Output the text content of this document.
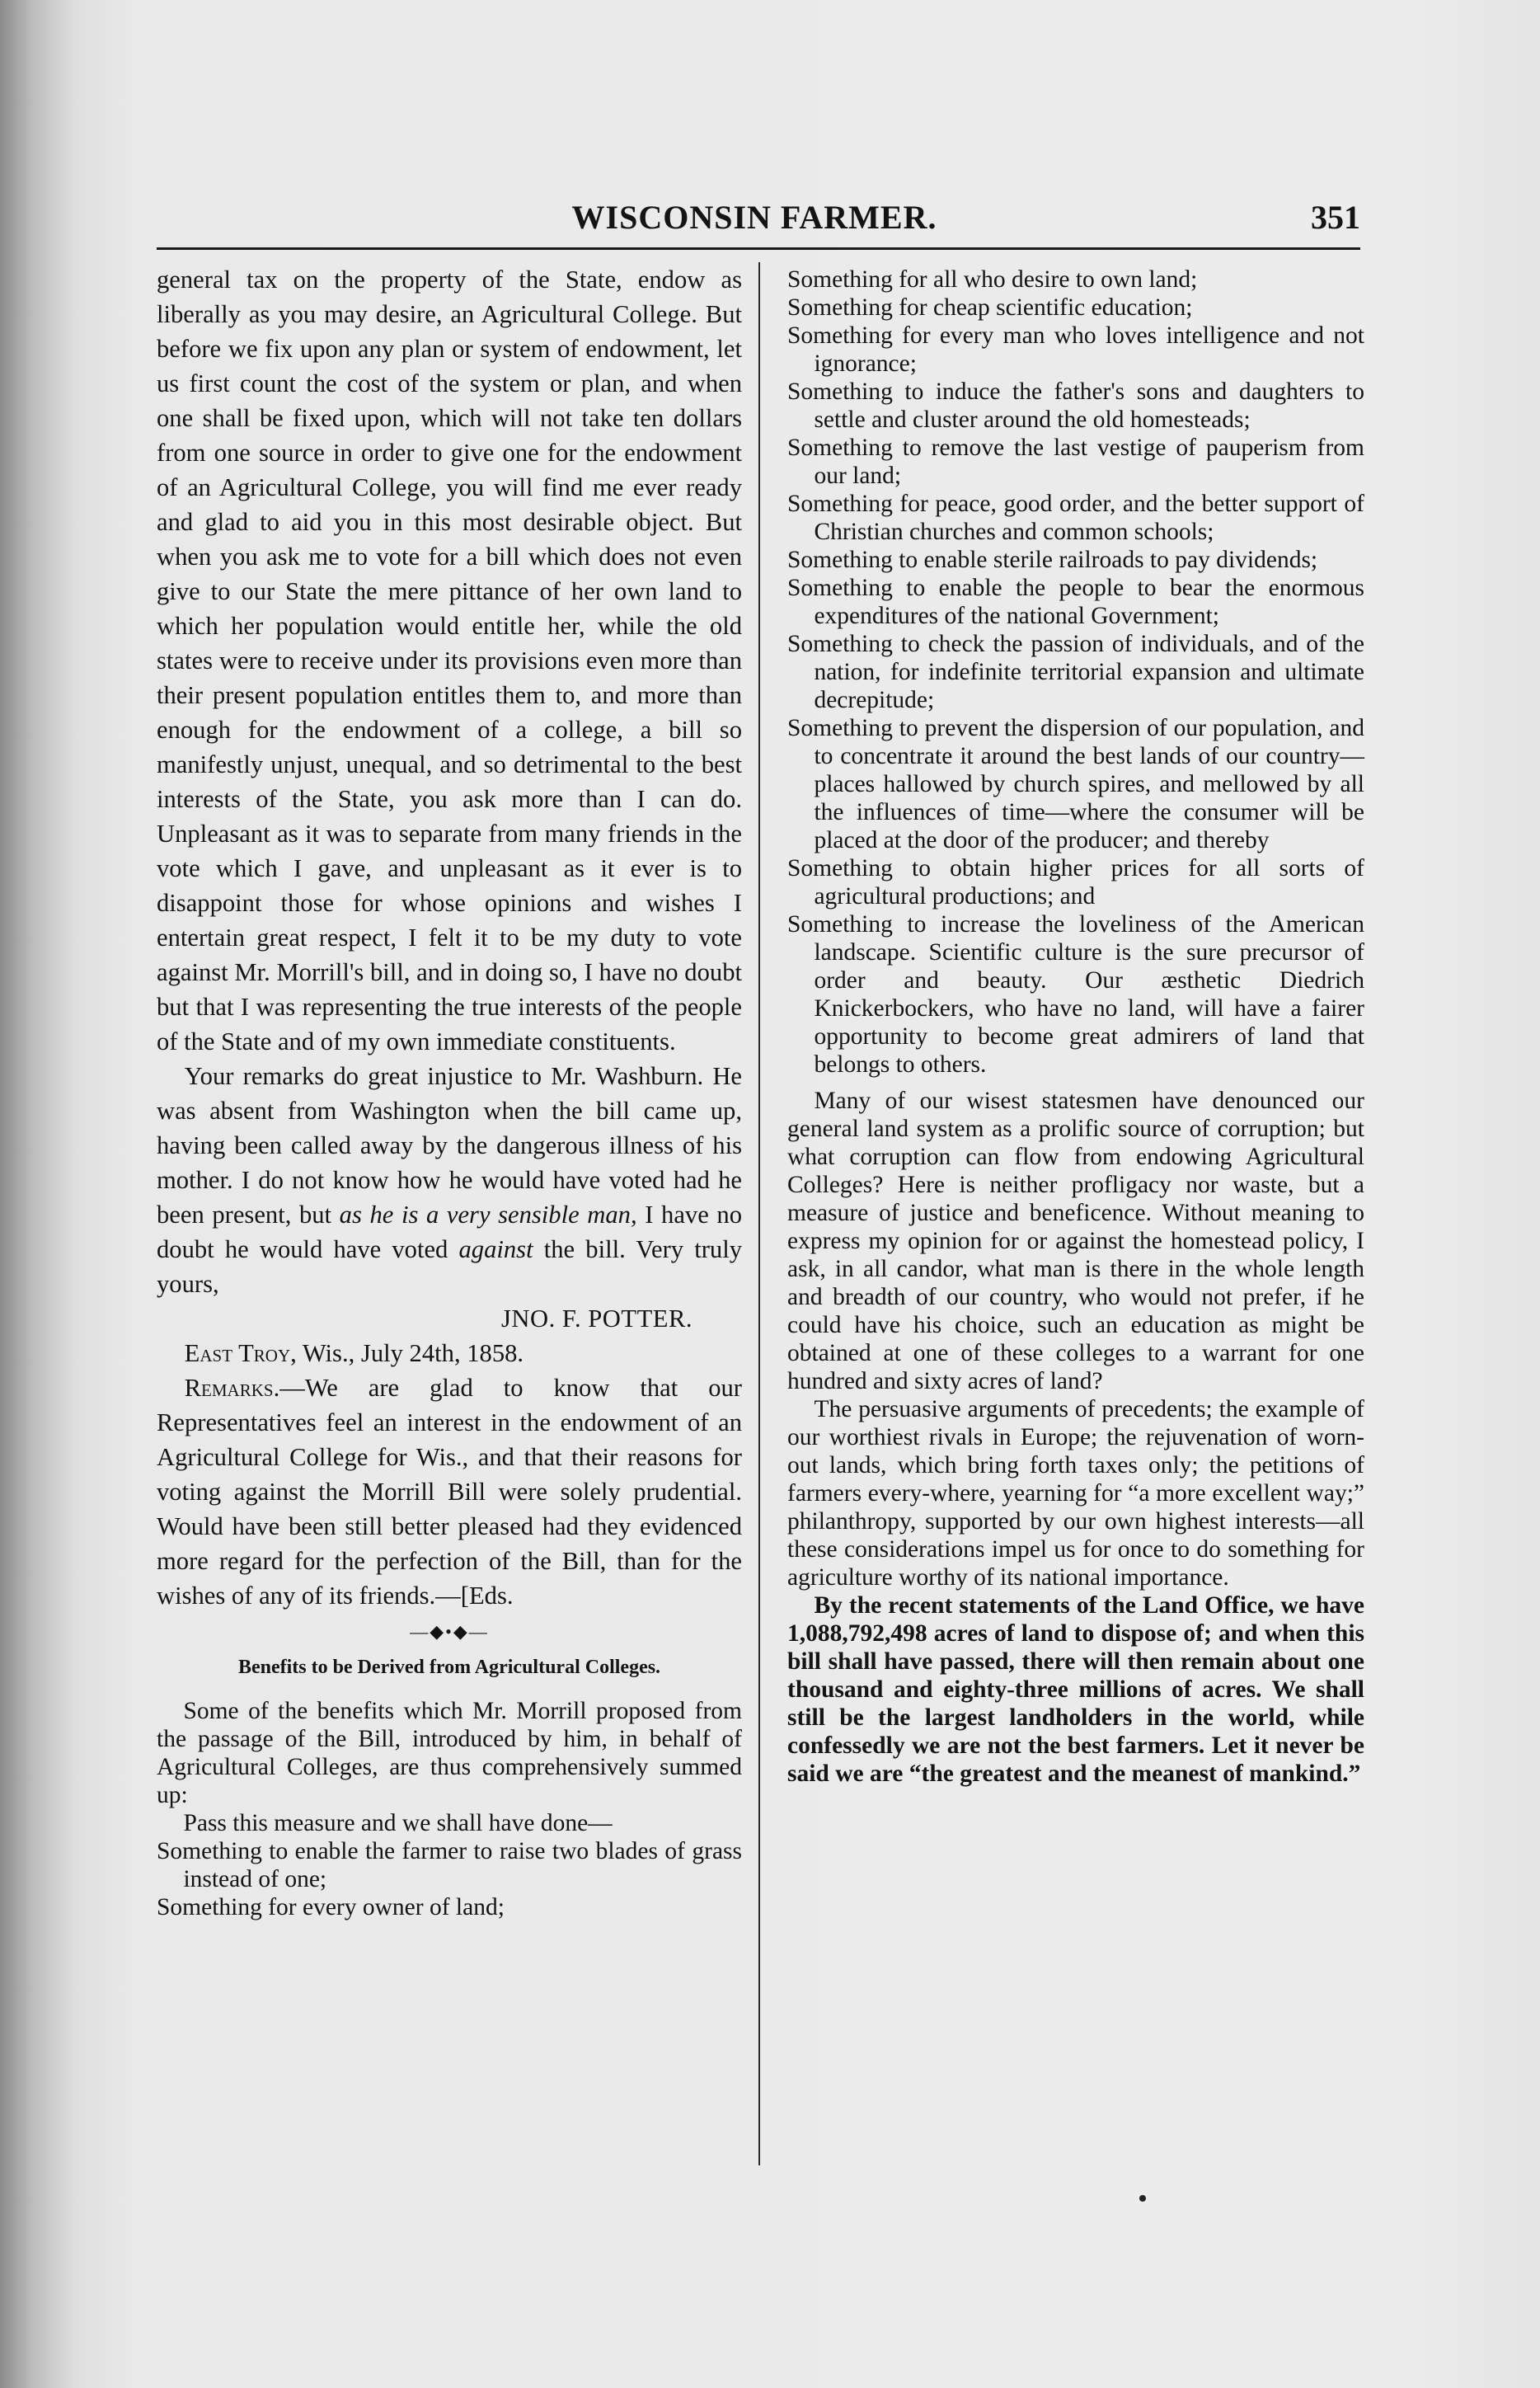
WISCONSIN FARMER.	351

general tax on the property of the State, endow as liberally as you may desire, an Agricultural College. But before we fix upon any plan or system of endowment, let us first count the cost of the system or plan, and when one shall be fixed upon, which will not take ten dollars from one source in order to give one for the endowment of an Agricultural College, you will find me ever ready and glad to aid you in this most desirable object. But when you ask me to vote for a bill which does not even give to our State the mere pittance of her own land to which her population would entitle her, while the old states were to receive under its provisions even more than their present population entitles them to, and more than enough for the endowment of a college, a bill so manifestly unjust, unequal, and so detrimental to the best interests of the State, you ask more than I can do. Unpleasant as it was to separate from many friends in the vote which I gave, and unpleasant as it ever is to disappoint those for whose opinions and wishes I entertain great respect, I felt it to be my duty to vote against Mr. Morrill's bill, and in doing so, I have no doubt but that I was representing the true interests of the people of the State and of my own immediate constituents.

Your remarks do great injustice to Mr. Washburn. He was absent from Washington when the bill came up, having been called away by the dangerous illness of his mother. I do not know how he would have voted had he been present, but as he is a very sensible man, I have no doubt he would have voted against the bill. Very truly yours,

JNO. F. POTTER.

East Troy, Wis., July 24th, 1858.

Remarks.—We are glad to know that our Representatives feel an interest in the endowment of an Agricultural College for Wis., and that their reasons for voting against the Morrill Bill were solely prudential. Would have been still better pleased had they evidenced more regard for the perfection of the Bill, than for the wishes of any of its friends.—[Eds.

—◆•◆—

Benefits to be Derived from Agricultural Colleges.

Some of the benefits which Mr. Morrill proposed from the passage of the Bill, introduced by him, in behalf of Agricultural Colleges, are thus comprehensively summed up:

Pass this measure and we shall have done—

Something to enable the farmer to raise two blades of grass instead of one;

Something for every owner of land;

Something for all who desire to own land;

Something for cheap scientific education;

Something for every man who loves intelligence and not ignorance;

Something to induce the father's sons and daughters to settle and cluster around the old homesteads;

Something to remove the last vestige of pauperism from our land;

Something for peace, good order, and the better support of Christian churches and common schools;

Something to enable sterile railroads to pay dividends;

Something to enable the people to bear the enormous expenditures of the national Government;

Something to check the passion of individuals, and of the nation, for indefinite territorial expansion and ultimate decrepitude;

Something to prevent the dispersion of our population, and to concentrate it around the best lands of our country—places hallowed by church spires, and mellowed by all the influences of time—where the consumer will be placed at the door of the producer; and thereby

Something to obtain higher prices for all sorts of agricultural productions; and

Something to increase the loveliness of the American landscape. Scientific culture is the sure precursor of order and beauty. Our æsthetic Diedrich Knickerbockers, who have no land, will have a fairer opportunity to become great admirers of land that belongs to others.

Many of our wisest statesmen have denounced our general land system as a prolific source of corruption; but what corruption can flow from endowing Agricultural Colleges? Here is neither profligacy nor waste, but a measure of justice and beneficence. Without meaning to express my opinion for or against the homestead policy, I ask, in all candor, what man is there in the whole length and breadth of our country, who would not prefer, if he could have his choice, such an education as might be obtained at one of these colleges to a warrant for one hundred and sixty acres of land?

The persuasive arguments of precedents; the example of our worthiest rivals in Europe; the rejuvenation of worn-out lands, which bring forth taxes only; the petitions of farmers every-where, yearning for “a more excellent way;” philanthropy, supported by our own highest interests—all these considerations impel us for once to do something for agriculture worthy of its national importance.

By the recent statements of the Land Office, we have 1,088,792,498 acres of land to dispose of; and when this bill shall have passed, there will then remain about one thousand and eighty-three millions of acres. We shall still be the largest landholders in the world, while confessedly we are not the best farmers. Let it never be said we are “the greatest and the meanest of mankind.”
